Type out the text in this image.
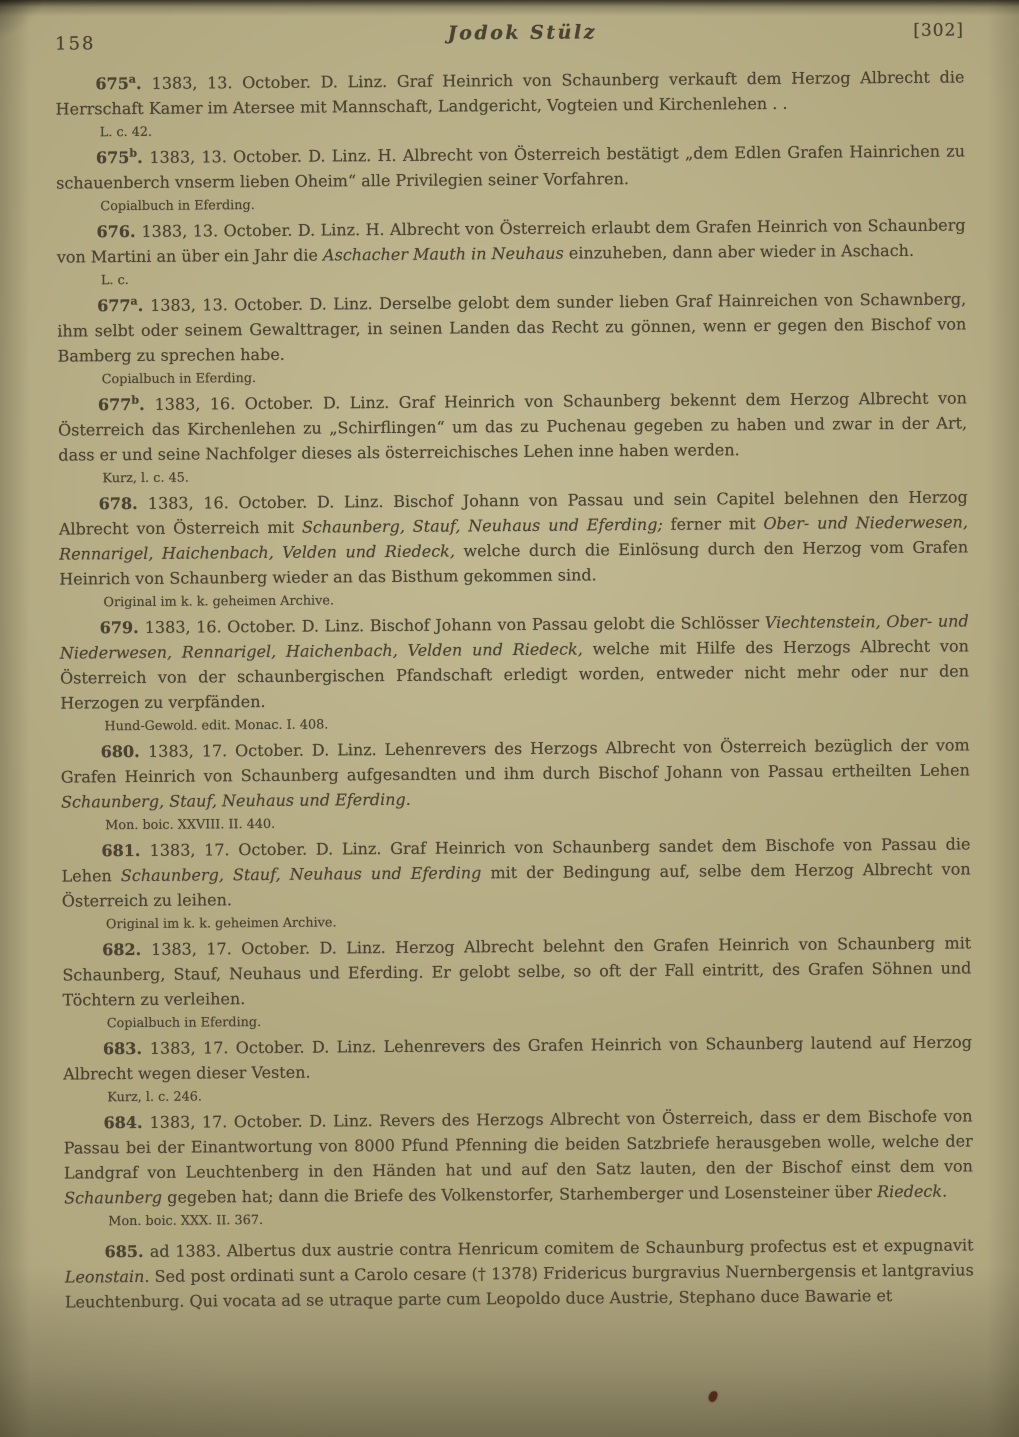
158	Jodok Stülz	[302]

675$^a$. 1383, 13. October. D. Linz. Graf Heinrich von Schaunberg verkauft dem Herzog Albrecht die Herrschaft Kamer im Atersee mit Mannschaft, Landgericht, Vogteien und Kirchenlehen . .

L. c. 42.

675$^b$. 1383, 13. October. D. Linz. H. Albrecht von Österreich bestätigt „dem Edlen Grafen Hainrichen zu schauenberch vnserm lieben Oheim“ alle Privilegien seiner Vorfahren.

Copialbuch in Eferding.

676. 1383, 13. October. D. Linz. H. Albrecht von Österreich erlaubt dem Grafen Heinrich von Schaunberg von Martini an über ein Jahr die Aschacher Mauth in Neuhaus einzuheben, dann aber wieder in Aschach.

L. c.

677$^a$. 1383, 13. October. D. Linz. Derselbe gelobt dem sunder lieben Graf Hainreichen von Schawnberg, ihm selbt oder seinem Gewalttrager, in seinen Landen das Recht zu gönnen, wenn er gegen den Bischof von Bamberg zu sprechen habe.

Copialbuch in Eferding.

677$^b$. 1383, 16. October. D. Linz. Graf Heinrich von Schaunberg bekennt dem Herzog Albrecht von Österreich das Kirchenlehen zu „Schirflingen“ um das zu Puchenau gegeben zu haben und zwar in der Art, dass er und seine Nachfolger dieses als österreichisches Lehen inne haben werden.

Kurz, l. c. 45.

678. 1383, 16. October. D. Linz. Bischof Johann von Passau und sein Capitel belehnen den Herzog Albrecht von Österreich mit Schaunberg, Stauf, Neuhaus und Eferding; ferner mit Ober- und Niederwesen, Rennarigel, Haichenbach, Velden und Riedeck, welche durch die Einlösung durch den Herzog vom Grafen Heinrich von Schaunberg wieder an das Bisthum gekommen sind.

Original im k. k. geheimen Archive.

679. 1383, 16. October. D. Linz. Bischof Johann von Passau gelobt die Schlösser Viechtenstein, Ober- und Niederwesen, Rennarigel, Haichenbach, Velden und Riedeck, welche mit Hilfe des Herzogs Albrecht von Österreich von der schaunbergischen Pfandschaft erledigt worden, entweder nicht mehr oder nur den Herzogen zu verpfänden.

Hund-Gewold. edit. Monac. I. 408.

680. 1383, 17. October. D. Linz. Lehenrevers des Herzogs Albrecht von Österreich bezüglich der vom Grafen Heinrich von Schaunberg aufgesandten und ihm durch Bischof Johann von Passau ertheilten Lehen Schaunberg, Stauf, Neuhaus und Eferding.

Mon. boic. XXVIII. II. 440.

681. 1383, 17. October. D. Linz. Graf Heinrich von Schaunberg sandet dem Bischofe von Passau die Lehen Schaunberg, Stauf, Neuhaus und Eferding mit der Bedingung auf, selbe dem Herzog Albrecht von Österreich zu leihen.

Original im k. k. geheimen Archive.

682. 1383, 17. October. D. Linz. Herzog Albrecht belehnt den Grafen Heinrich von Schaunberg mit Schaunberg, Stauf, Neuhaus und Eferding. Er gelobt selbe, so oft der Fall eintritt, des Grafen Söhnen und Töchtern zu verleihen.

Copialbuch in Eferding.

683. 1383, 17. October. D. Linz. Lehenrevers des Grafen Heinrich von Schaunberg lautend auf Herzog Albrecht wegen dieser Vesten.

Kurz, l. c. 246.

684. 1383, 17. October. D. Linz. Revers des Herzogs Albrecht von Österreich, dass er dem Bischofe von Passau bei der Einantwortung von 8000 Pfund Pfenning die beiden Satzbriefe herausgeben wolle, welche der Landgraf von Leuchtenberg in den Händen hat und auf den Satz lauten, den der Bischof einst dem von Schaunberg gegeben hat; dann die Briefe des Volkenstorfer, Starhemberger und Losensteiner über Riedeck.

Mon. boic. XXX. II. 367.

685. ad 1383. Albertus dux austrie contra Henricum comitem de Schaunburg profectus est et expugnavit Leonstain. Sed post ordinati sunt a Carolo cesare († 1378) Fridericus burgravius Nuernbergensis et lantgravius Leuchtenburg. Qui vocata ad se utraque parte cum Leopoldo duce Austrie, Stephano duce Bawarie et
